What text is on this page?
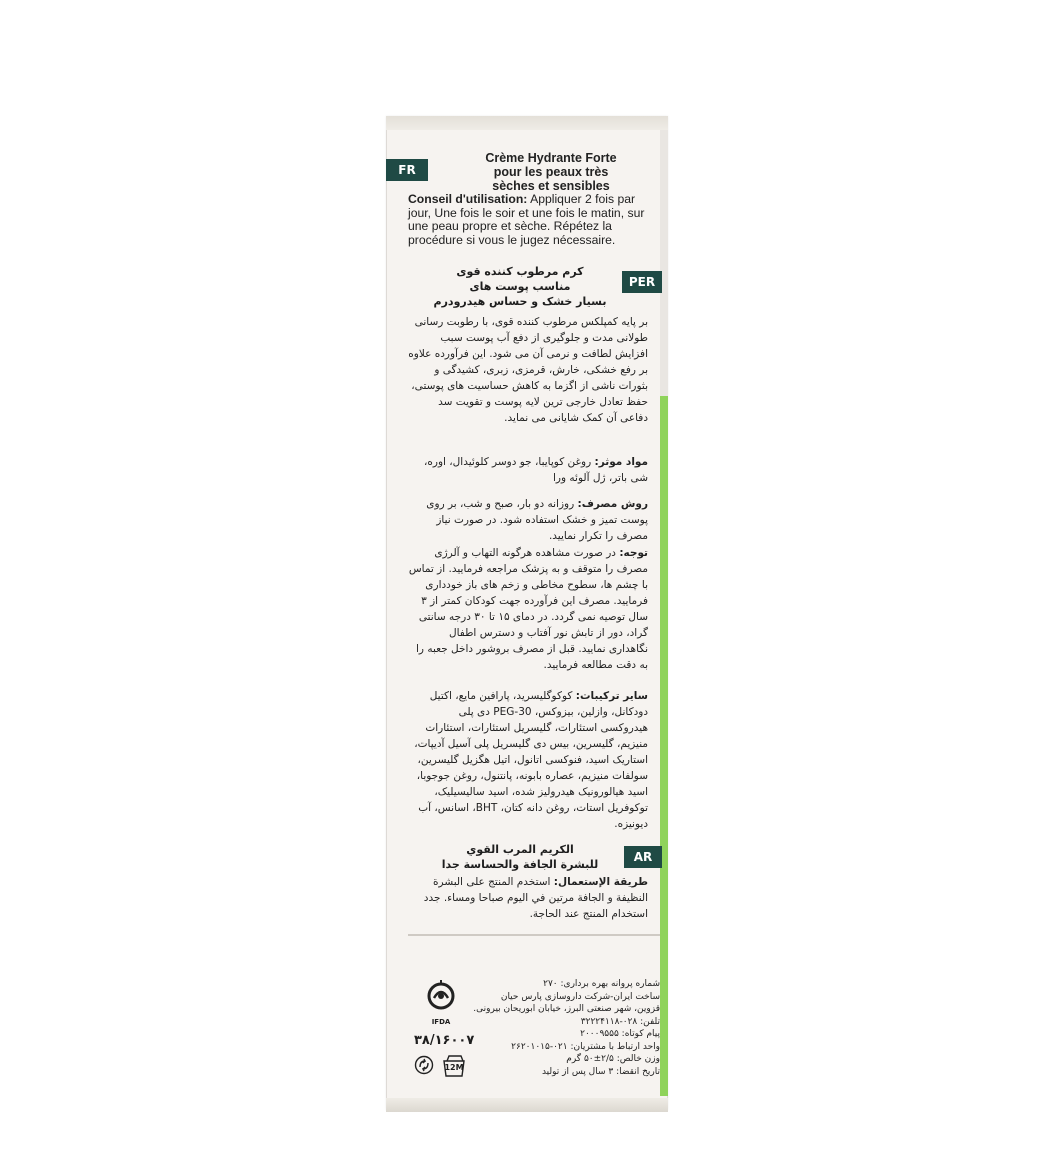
FR
Crème Hydrante Forte
pour les peaux très
sèches et sensibles
Conseil d'utilisation: Appliquer 2 fois par jour, Une fois le soir et une fois le matin, sur une peau propre et sèche. Répétez la procédure si vous le jugez nécessaire.
PER
کرم مرطوب کننده قوی
مناسب پوست های
بسیار خشک و حساس هیدرودرم
بر پایه کمپلکس مرطوب کننده قوی، با رطوبت رسانی طولانی مدت و جلوگیری از دفع آب پوست سبب افزایش لطافت و نرمی آن می شود. این فرآورده علاوه بر رفع خشکی، خارش، قرمزی، زبری، کشیدگی و بثورات ناشی از اگزما به کاهش حساسیت های پوستی، حفظ تعادل خارجی ترین لایه پوست و تقویت سد دفاعی آن کمک شایانی می نماید.
مواد موثر: روغن کوپایبا، جو دوسر کلوئیدال، اوره، شی باتر، ژل آلوئه ورا
روش مصرف: روزانه دو بار، صبح و شب، بر روی پوست تمیز و خشک استفاده شود. در صورت نیاز مصرف را تکرار نمایید.
توجه: در صورت مشاهده هرگونه التهاب و آلرژی مصرف را متوقف و به پزشک مراجعه فرمایید. از تماس با چشم ها، سطوح مخاطی و زخم های باز خودداری فرمایید. مصرف این فرآورده جهت کودکان کمتر از ۳ سال توصیه نمی گردد. در دمای ۱۵ تا ۳۰ درجه سانتی گراد، دور از تابش نور آفتاب و دسترس اطفال نگاهداری نمایید. قبل از مصرف بروشور داخل جعبه را به دقت مطالعه فرمایید.
سایر ترکیبات: کوکوگلیسرید، پارافین مایع، اکتیل دودکانل، وازلین، بیزوکس، PEG-30 دی پلی هیدروکسی استئارات، گلیسریل استئارات، استئارات منیزیم، گلیسرین، بیس دی گلیسریل پلی آسیل آدیپات، استاریک اسید، فنوکسی اتانول، اتیل هگزیل گلیسرین، سولفات منیزیم، عصاره بابونه، پانتنول، روغن جوجوبا، اسید هیالورونیک هیدرولیز شده، اسید سالیسیلیک، توکوفریل استات، روغن دانه کتان، BHT، اسانس، آب دیونیزه.
AR
الكريم المرب القوي
للبشرة الجافة والحساسة جدا
طريقة الإستعمال: استخدم المنتج على البشرة النظيفة و الجافة مرتين في اليوم صباحا ومساء. جدد استخدام المنتج عند الحاجة.
شماره پروانه بهره برداری: ۲۷۰
ساخت ایران-شرکت داروسازی پارس حیان
قزوین، شهر صنعتی البرز، خیابان ابوریحان بیرونی.
تلفن: ۰۲۸-۳۲۲۲۴۱۱۸
پیام کوتاه: ۲۰۰۰۹۵۵۵
واحد ارتباط با مشتریان: ۰۲۱-۲۶۲۰۱۰۱۵
وزن خالص: ۲/۵±۵۰ گرم
تاریخ انقضا: ۳ سال پس از تولید
IFDA
۳۸/۱۶۰۰۷
12M
